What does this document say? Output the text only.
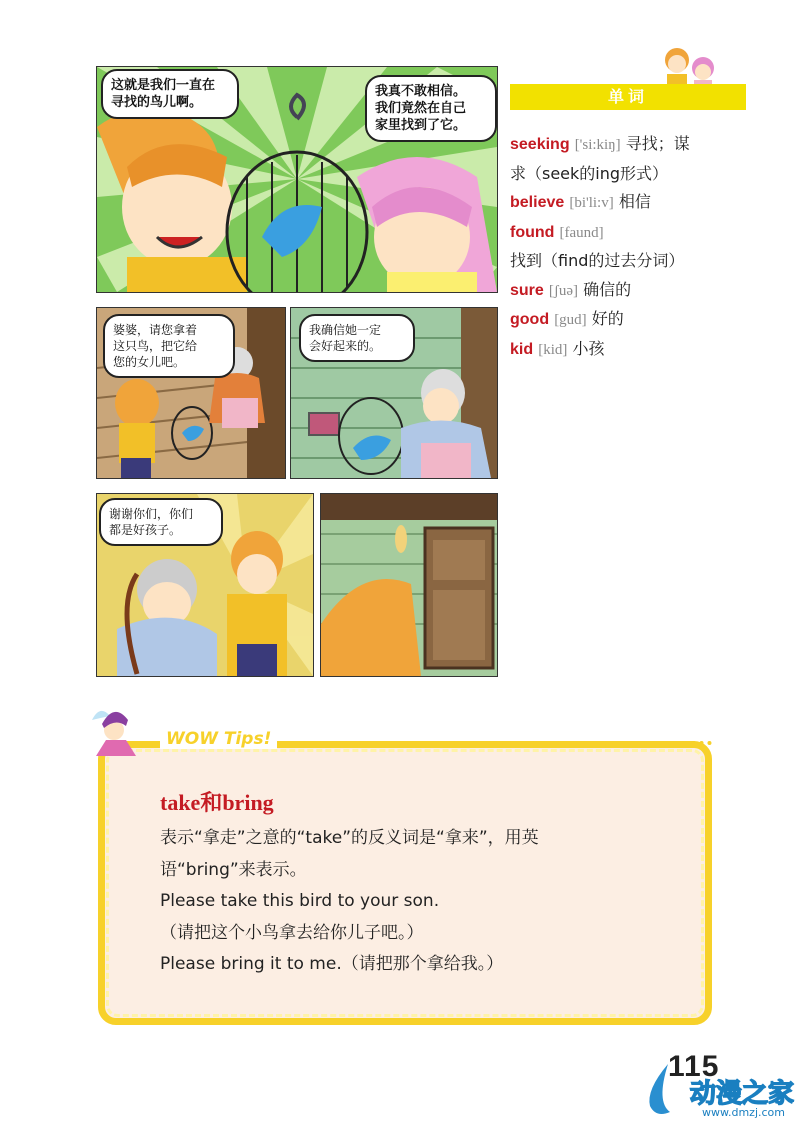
这就是我们一直在
寻找的鸟儿啊。
我真不敢相信。
我们竟然在自己
家里找到了它。
婆婆，请您拿着
这只鸟，把它给
您的女儿吧。
我确信她一定
会好起来的。
谢谢你们，你们
都是好孩子。
单词
seeking ['si:kiŋ] 寻找；谋
求（seek的ing形式）
believe [bi'li:v] 相信
found [faund]
找到（find的过去分词）
sure [ʃuə] 确信的
good [gud] 好的
kid [kid] 小孩
WOW Tips!
take和bring
表示“拿走”之意的“take”的反义词是“拿来”，用英
语“bring”来表示。
Please take this bird to your son.
（请把这个小鸟拿去给你儿子吧。）
Please bring it to me.（请把那个拿给我。）
115
动漫之家
www.dmzj.com
